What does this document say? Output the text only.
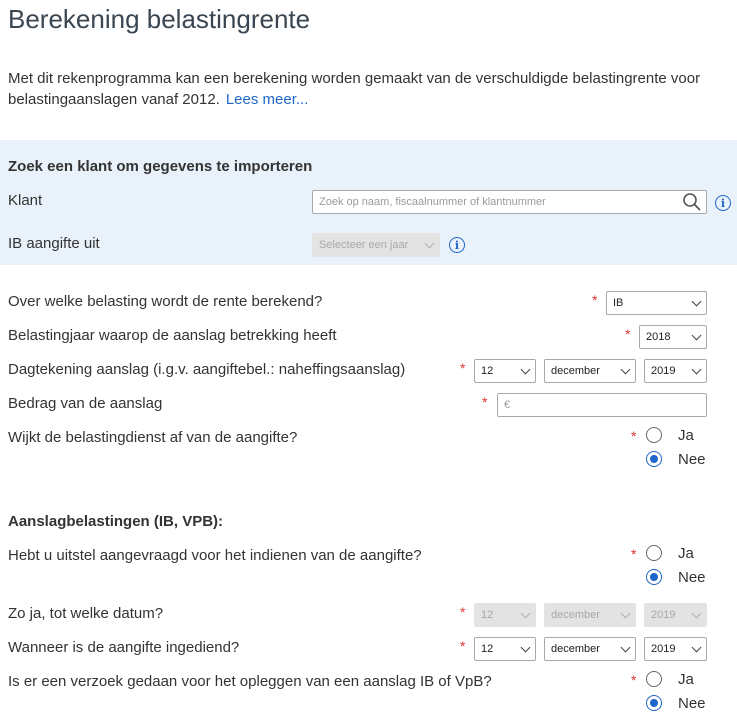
Berekening belastingrente

Met dit rekenprogramma kan een berekening worden gemaakt van de verschuldigde belastingrente voor belastingaanslagen vanaf 2012. Lees meer...

Zoek een klant om gegevens te importeren
Klant	Zoek op naam, fiscaalnummer of klantnummer	i
IB aangifte uit	Selecteer een jaar	i
Over welke belasting wordt de rente berekend?	* IB
Belastingjaar waarop de aanslag betrekking heeft	* 2018
Dagtekening aanslag (i.g.v. aangiftebel.: naheffingsaanslag)	* 12	december	2019
Bedrag van de aanslag	* €
Wijkt de belastingdienst af van de aangifte?	*	Ja
Nee
Aanslagbelastingen (IB, VPB):
Hebt u uitstel aangevraagd voor het indienen van de aangifte?	*	Ja
Nee
Zo ja, tot welke datum?	* 12	december	2019
Wanneer is de aangifte ingediend?	* 12	december	2019
Is er een verzoek gedaan voor het opleggen van een aanslag IB of VpB?	*	Ja
Nee
